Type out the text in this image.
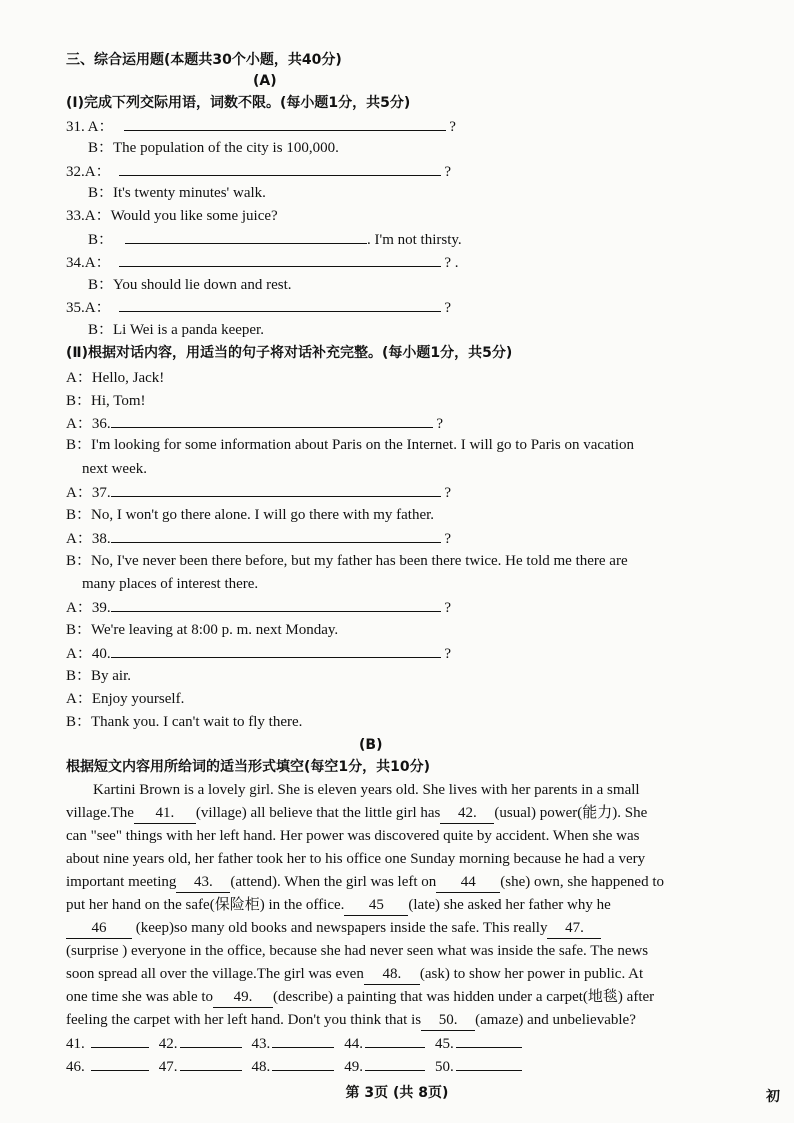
三、综合运用题(本题共30个小题，共40分)
(A)
(Ⅰ)完成下列交际用语，词数不限。(每小题1分，共5分)
31. A：	?
B：The population of the city is 100,000.
32.A：	?
B：It's twenty minutes' walk.
33.A：Would you like some juice?
B：	. I'm not thirsty.
34.A：	? .
B：You should lie down and rest.
35.A：	?
B：Li Wei is a panda keeper.
(Ⅱ)根据对话内容，用适当的句子将对话补充完整。(每小题1分，共5分)
A：Hello, Jack!
B：Hi, Tom!
A：36.	?
B：I'm looking for some information about Paris on the Internet. I will go to Paris on vacation
next week.
A：37.	?
B：No, I won't go there alone. I will go there with my father.
A：38.	?
B：No, I've never been there before, but my father has been there twice. He told me there are
many places of interest there.
A：39.	?
B：We're leaving at 8:00 p. m. next Monday.
A：40.	?
B：By air.
A：Enjoy yourself.
B：Thank you. I can't wait to fly there.
(B)
根据短文内容用所给词的适当形式填空(每空1分，共10分)
Kartini Brown is a lovely girl. She is eleven years old. She lives with her parents in a small
village.The 41. (village) all believe that the little girl has 42. (usual) power(能力). She
can "see" things with her left hand. Her power was discovered quite by accident. When she was
about nine years old, her father took her to his office one Sunday morning because he had a very
important meeting 43. (attend). When the girl was left on 44 (she) own, she happened to
put her hand on the safe(保险柜) in the office. 45 (late) she asked her father why he
46 (keep)so many old books and newspapers inside the safe. This really 47.
(surprise ) everyone in the office, because she had never seen what was inside the safe. The news
soon spread all over the village.The girl was even 48. (ask) to show her power in public. At
one time she was able to 49. (describe) a painting that was hidden under a carpet(地毯) after
feeling the carpet with her left hand. Don't you think that is 50. (amaze) and unbelievable?
41.	42.	43.	44.	45.
46.	47.	48.	49.	50.
第 3页 (共 8页)	初
